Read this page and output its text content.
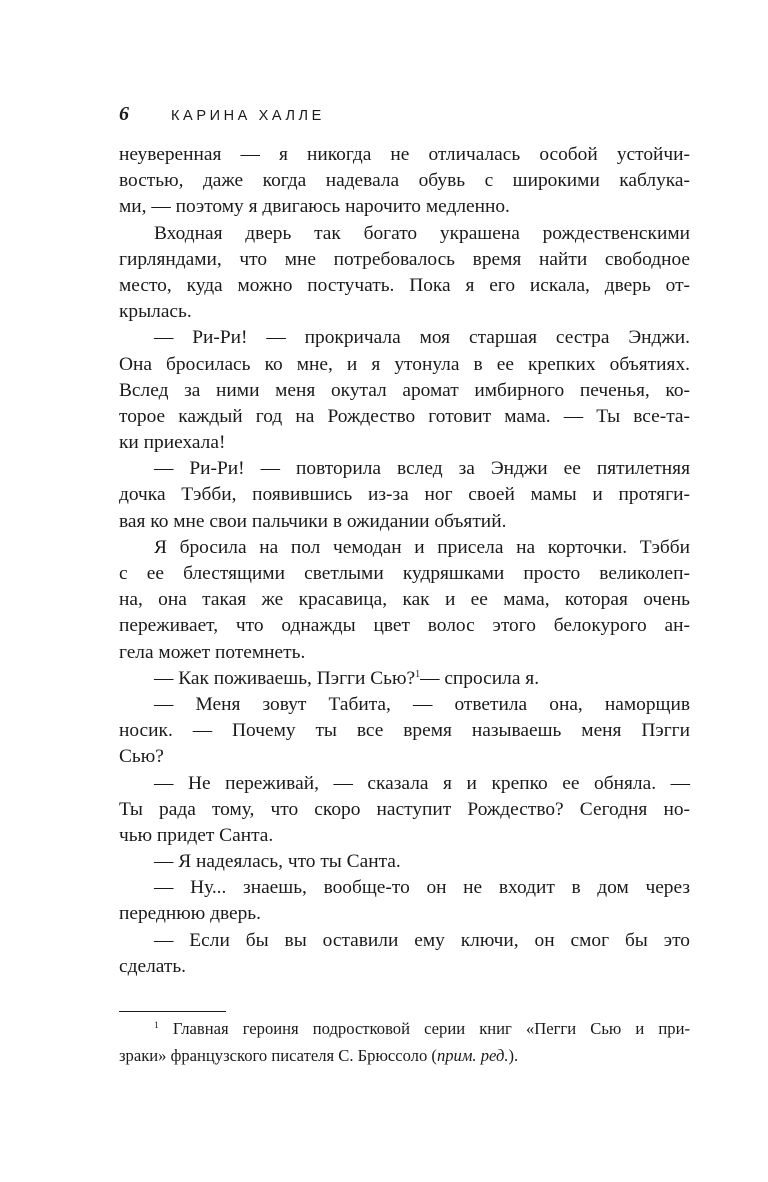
6	КАРИНА ХАЛЛЕ
неуверенная — я никогда не отличалась особой устойчи-
востью, даже когда надевала обувь с широкими каблука-
ми, — поэтому я двигаюсь нарочито медленно.
Входная дверь так богато украшена рождественскими
гирляндами, что мне потребовалось время найти свободное
место, куда можно постучать. Пока я его искала, дверь от-
крылась.
— Ри-Ри! — прокричала моя старшая сестра Энджи.
Она бросилась ко мне, и я утонула в ее крепких объятиях.
Вслед за ними меня окутал аромат имбирного печенья, ко-
торое каждый год на Рождество готовит мама. — Ты все-та-
ки приехала!
— Ри-Ри! — повторила вслед за Энджи ее пятилетняя
дочка Тэбби, появившись из-за ног своей мамы и протяги-
вая ко мне свои пальчики в ожидании объятий.
Я бросила на пол чемодан и присела на корточки. Тэбби
с ее блестящими светлыми кудряшками просто великолеп-
на, она такая же красавица, как и ее мама, которая очень
переживает, что однажды цвет волос этого белокурого ан-
гела может потемнеть.
— Как поживаешь, Пэгги Сью?$^1$— спросила я.
— Меня зовут Табита, — ответила она, наморщив
носик. — Почему ты все время называешь меня Пэгги
Сью?
— Не переживай, — сказала я и крепко ее обняла. —
Ты рада тому, что скоро наступит Рождество? Сегодня но-
чью придет Санта.
— Я надеялась, что ты Санта.
— Ну... знаешь, вообще-то он не входит в дом через
переднюю дверь.
— Если бы вы оставили ему ключи, он смог бы это
сделать.
$^1$ Главная героиня подростковой серии книг «Пегги Сью и при-
зраки» французского писателя С. Брюссоло (прим. ред.).
